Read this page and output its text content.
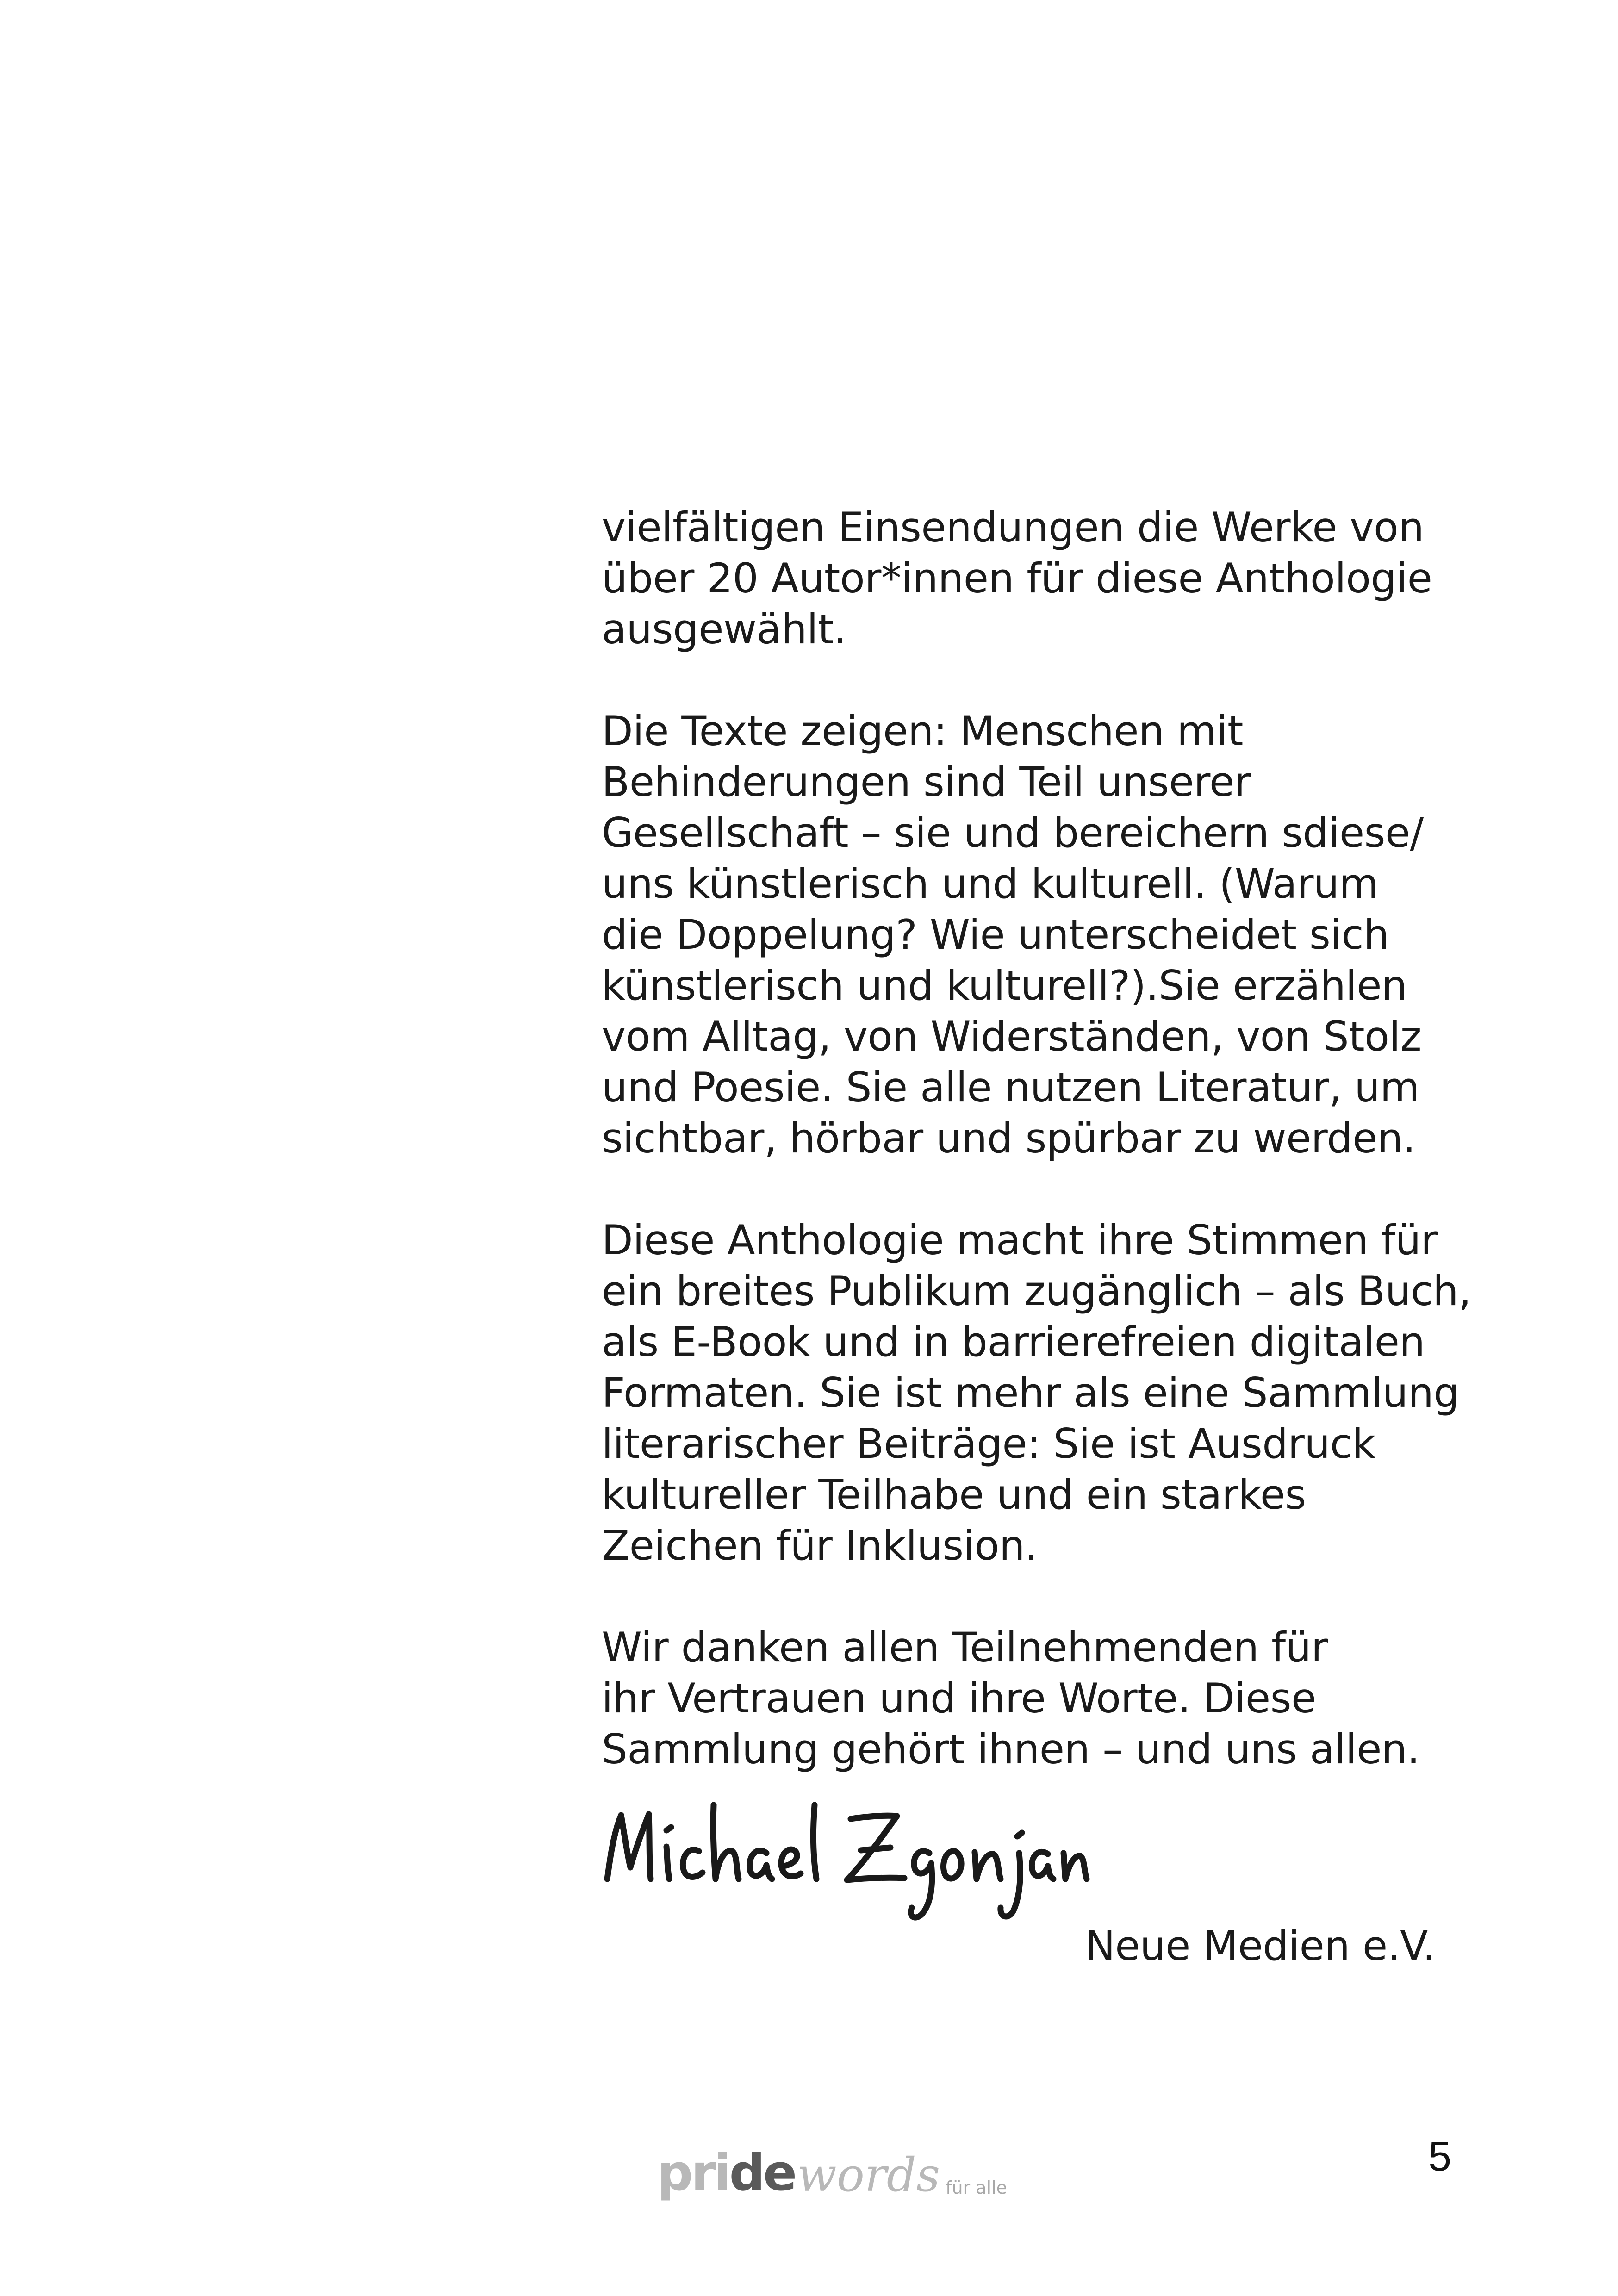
vielfältigen Einsendungen die Werke von
über 20 Autor*innen für diese Anthologie
ausgewählt.

Die Texte zeigen: Menschen mit
Behinderungen sind Teil unserer
Gesellschaft – sie und bereichern sdiese/
uns künstlerisch und kulturell. (Warum
die Doppelung? Wie unterscheidet sich
künstlerisch und kulturell?).Sie erzählen
vom Alltag, von Widerständen, von Stolz
und Poesie. Sie alle nutzen Literatur, um
sichtbar, hörbar und spürbar zu werden.

Diese Anthologie macht ihre Stimmen für
ein breites Publikum zugänglich – als Buch,
als E-Book und in barrierefreien digitalen
Formaten. Sie ist mehr als eine Sammlung
literarischer Beiträge: Sie ist Ausdruck
kultureller Teilhabe und ein starkes
Zeichen für Inklusion.

Wir danken allen Teilnehmenden für
ihr Vertrauen und ihre Worte. Diese
Sammlung gehört ihnen – und uns allen.

Neue Medien e.V.
pride words für alle
5
